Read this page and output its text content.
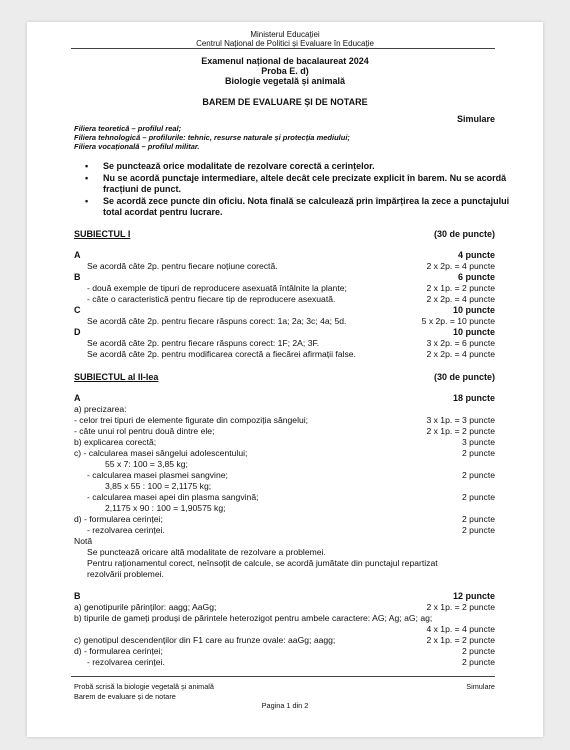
Ministerul Educației
Centrul Național de Politici și Evaluare în Educație
Examenul național de bacalaureat 2024
Proba E. d)
Biologie vegetală și animală
BAREM DE EVALUARE ȘI DE NOTARE
Simulare
Filiera teoretică – profilul real;
Filiera tehnologică – profilurile: tehnic, resurse naturale și protecția mediului;
Filiera vocațională – profilul militar.
• Se punctează orice modalitate de rezolvare corectă a cerințelor.
• Nu se acordă punctaje intermediare, altele decât cele precizate explicit în barem. Nu se acordă fracțiuni de punct.
• Se acordă zece puncte din oficiu. Nota finală se calculează prin împărțirea la zece a punctajului total acordat pentru lucrare.
SUBIECTUL I	(30 de puncte)
A	4 puncte
Se acordă câte 2p. pentru fiecare noțiune corectă.	2 x 2p. = 4 puncte
B	6 puncte
- două exemple de tipuri de reproducere asexuată întâlnite la plante;	2 x 1p. = 2 puncte
- câte o caracteristică pentru fiecare tip de reproducere asexuată.	2 x 2p. = 4 puncte
C	10 puncte
Se acordă câte 2p. pentru fiecare răspuns corect: 1a; 2a; 3c; 4a; 5d.	5 x 2p. = 10 puncte
D	10 puncte
Se acordă câte 2p. pentru fiecare răspuns corect: 1F; 2A; 3F.	3 x 2p. = 6 puncte
Se acordă câte 2p. pentru modificarea corectă a fiecărei afirmații false.	2 x 2p. = 4 puncte
SUBIECTUL al II-lea	(30 de puncte)
A	18 puncte
a) precizarea:
- celor trei tipuri de elemente figurate din compoziția sângelui;	3 x 1p. = 3 puncte
- câte unui rol pentru două dintre ele;	2 x 1p. = 2 puncte
b) explicarea corectă;	3 puncte
c) - calcularea masei sângelui adolescentului;	2 puncte
55 x 7: 100 = 3,85 kg;
- calcularea masei plasmei sangvine;	2 puncte
3,85 x 55 : 100 = 2,1175 kg;
- calcularea masei apei din plasma sangvină;	2 puncte
2,1175 x 90 : 100 = 1,90575 kg;
d) - formularea cerinței;	2 puncte
- rezolvarea cerinței.	2 puncte
Notă
Se punctează oricare altă modalitate de rezolvare a problemei.
Pentru raționamentul corect, neînsoțit de calcule, se acordă jumătate din punctajul repartizat
rezolvării problemei.
B	12 puncte
a) genotipurile părinților: aagg; AaGg;	2 x 1p. = 2 puncte
b) tipurile de gameți produși de părintele heterozigot pentru ambele caractere: AG; Ag; aG; ag;
4 x 1p. = 4 puncte
c) genotipul descendenților din F1 care au frunze ovale: aaGg; aagg;	2 x 1p. = 2 puncte
d) - formularea cerinței;	2 puncte
- rezolvarea cerinței.	2 puncte
Probă scrisă la biologie vegetală și animală
Barem de evaluare și de notare
Simulare
Pagina 1 din 2
